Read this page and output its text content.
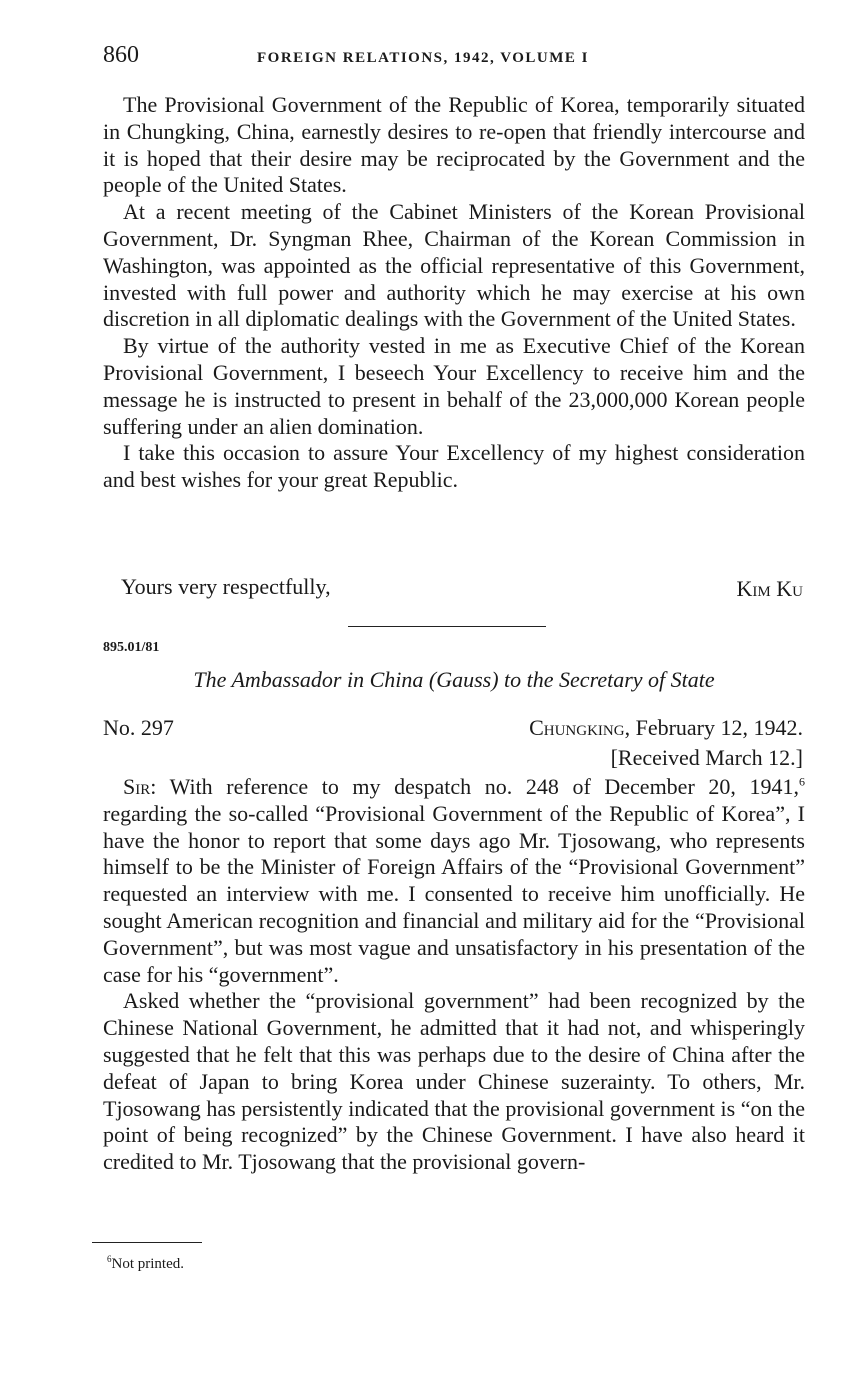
860	FOREIGN RELATIONS, 1942, VOLUME I

The Provisional Government of the Republic of Korea, temporarily situated in Chungking, China, earnestly desires to re-open that friendly intercourse and it is hoped that their desire may be reciprocated by the Government and the people of the United States.

At a recent meeting of the Cabinet Ministers of the Korean Provisional Government, Dr. Syngman Rhee, Chairman of the Korean Commission in Washington, was appointed as the official representative of this Government, invested with full power and authority which he may exercise at his own discretion in all diplomatic dealings with the Government of the United States.

By virtue of the authority vested in me as Executive Chief of the Korean Provisional Government, I beseech Your Excellency to receive him and the message he is instructed to present in behalf of the 23,000,000 Korean people suffering under an alien domination.

I take this occasion to assure Your Excellency of my highest consideration and best wishes for your great Republic.

Yours very respectfully,	Kim Ku
895.01/81
The Ambassador in China (Gauss) to the Secretary of State
No. 297	Chungking, February 12, 1942.
[Received March 12.]

Sir: With reference to my despatch no. 248 of December 20, 1941,$^6$ regarding the so-called “Provisional Government of the Republic of Korea”, I have the honor to report that some days ago Mr. Tjosowang, who represents himself to be the Minister of Foreign Affairs of the “Provisional Government” requested an interview with me. I consented to receive him unofficially. He sought American recognition and financial and military aid for the “Provisional Government”, but was most vague and unsatisfactory in his presentation of the case for his “government”.

Asked whether the “provisional government” had been recognized by the Chinese National Government, he admitted that it had not, and whisperingly suggested that he felt that this was perhaps due to the desire of China after the defeat of Japan to bring Korea under Chinese suzerainty. To others, Mr. Tjosowang has persistently indicated that the provisional government is “on the point of being recognized” by the Chinese Government. I have also heard it credited to Mr. Tjosowang that the provisional govern-

$^6$Not printed.
